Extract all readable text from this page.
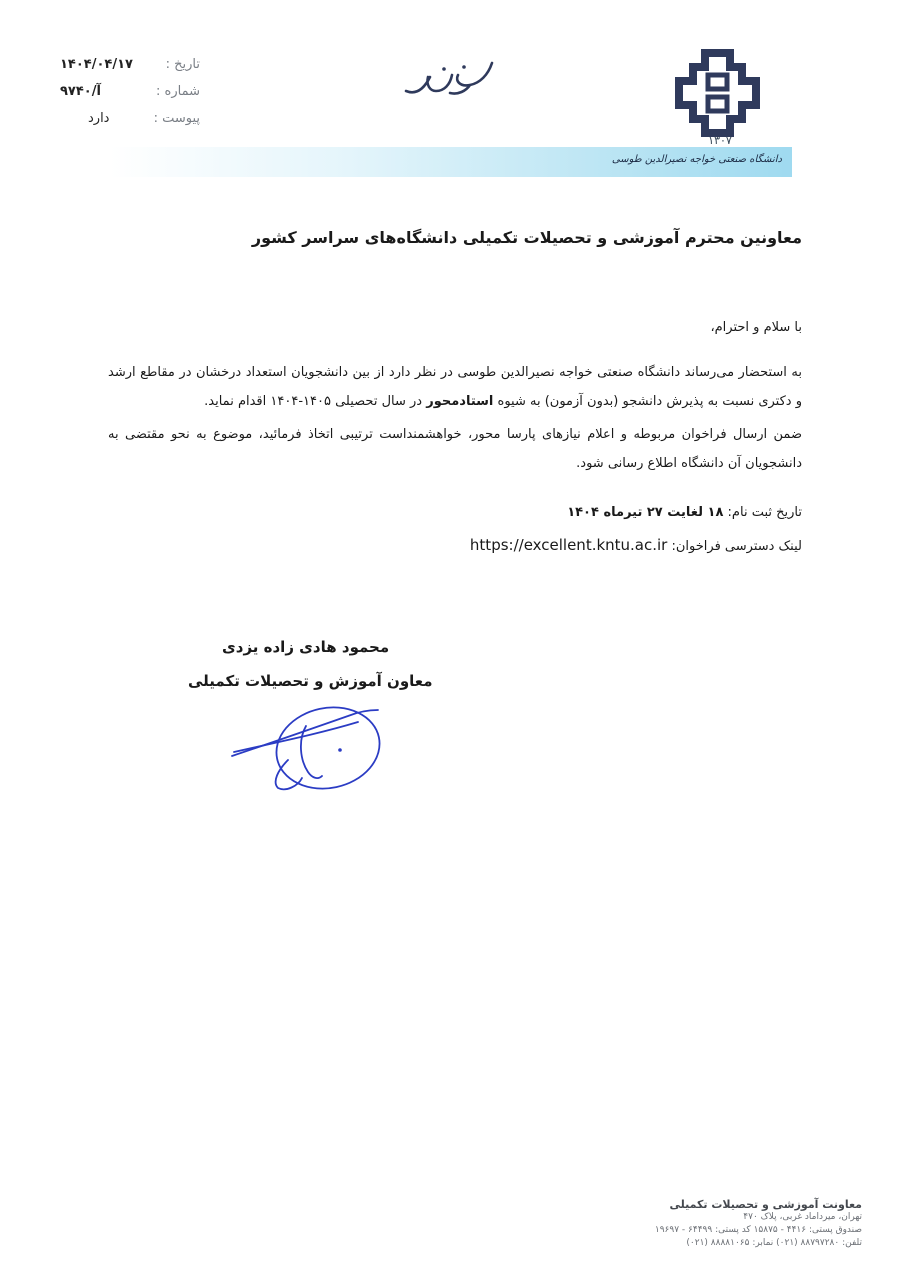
تاریخ :
۱۴۰۴/۰۴/۱۷
شماره :
۹۷۴۰/آ
پیوست :
دارد
۱۳۰۷
دانشگاه صنعتی خواجه نصیرالدین طوسی
معاونین محترم آموزشی و تحصیلات تکمیلی دانشگاه‌های سراسر کشور
با سلام و احترام،
به استحضار می‌رساند دانشگاه صنعتی خواجه نصیرالدین طوسی در نظر دارد از بین دانشجویان استعداد درخشان در مقاطع ارشد
و دکتری نسبت به پذیرش دانشجو (بدون آزمون) به شیوه استادمحور در سال تحصیلی ۱۴۰۵-۱۴۰۴ اقدام نماید.
ضمن ارسال فراخوان مربوطه و اعلام نیازهای پارسا محور، خواهشمنداست ترتیبی اتخاذ فرمائید، موضوع به نحو مقتضی به
دانشجویان آن دانشگاه اطلاع رسانی شود.
تاریخ ثبت نام: ۱۸ لغایت ۲۷ تیرماه ۱۴۰۴
لینک دسترسی فراخوان: https://excellent.kntu.ac.ir
محمود هادی زاده یزدی
معاون آموزش و تحصیلات تکمیلی
معاونت آموزشی و تحصیلات تکمیلی
تهران، میرداماد غربی، پلاک ۴۷۰
صندوق پستی: ۴۴۱۶ - ۱۵۸۷۵ کد پستی: ۶۴۴۹۹ - ۱۹۶۹۷
تلفن: ۸۸۷۹۷۲۸۰ (۰۲۱) نمابر: ۸۸۸۸۱۰۶۵ (۰۲۱)
